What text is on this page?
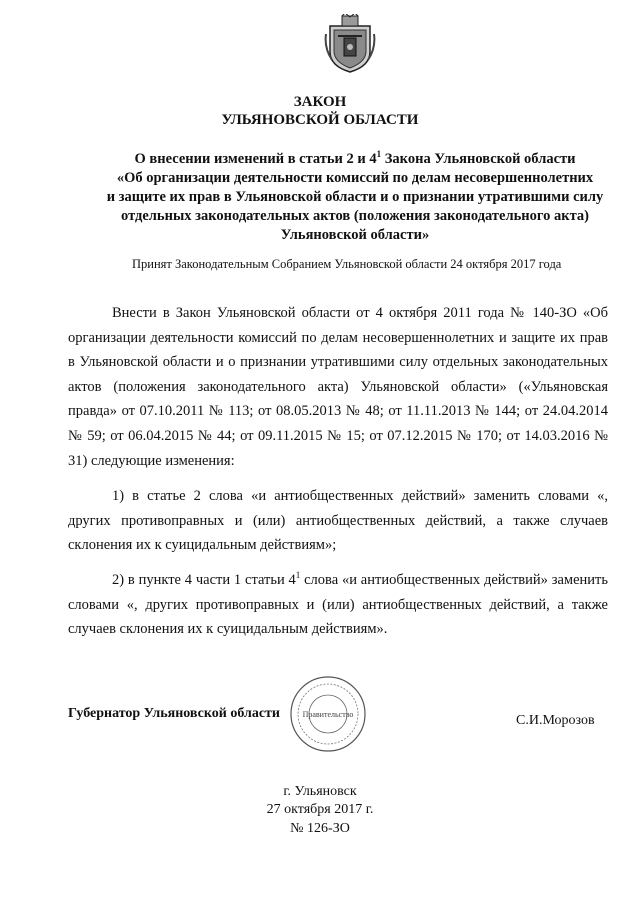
ЗАКОН
УЛЬЯНОВСКОЙ ОБЛАСТИ
О внесении изменений в статьи 2 и $4^1$ Закона Ульяновской области
«Об организации деятельности комиссий по делам несовершеннолетних
и защите их прав в Ульяновской области и о признании утратившими силу
отдельных законодательных актов (положения законодательного акта)
Ульяновской области»
Принят Законодательным Собранием Ульяновской области 24 октября 2017 года

Внести в Закон Ульяновской области от 4 октября 2011 года № 140-ЗО «Об организации деятельности комиссий по делам несовершеннолетних и защите их прав в Ульяновской области и о признании утратившими силу отдельных законодательных актов (положения законодательного акта) Ульяновской области» («Ульяновская правда» от 07.10.2011 № 113; от 08.05.2013 № 48; от 11.11.2013 № 144; от 24.04.2014 № 59; от 06.04.2015 № 44; от 09.11.2015 № 15; от 07.12.2015 № 170; от 14.03.2016 № 31) следующие изменения:

1) в статье 2 слова «и антиобщественных действий» заменить словами «, других противоправных и (или) антиобщественных действий, а также случаев склонения их к суицидальным действиям»;

2) в пункте 4 части 1 статьи $4^1$ слова «и антиобщественных действий» заменить словами «, других противоправных и (или) антиобщественных действий, а также случаев склонения их к суицидальным действиям».

Губернатор Ульяновской области	Правительство	С.И.Морозов
г. Ульяновск
27 октября 2017 г.
№ 126-ЗО
